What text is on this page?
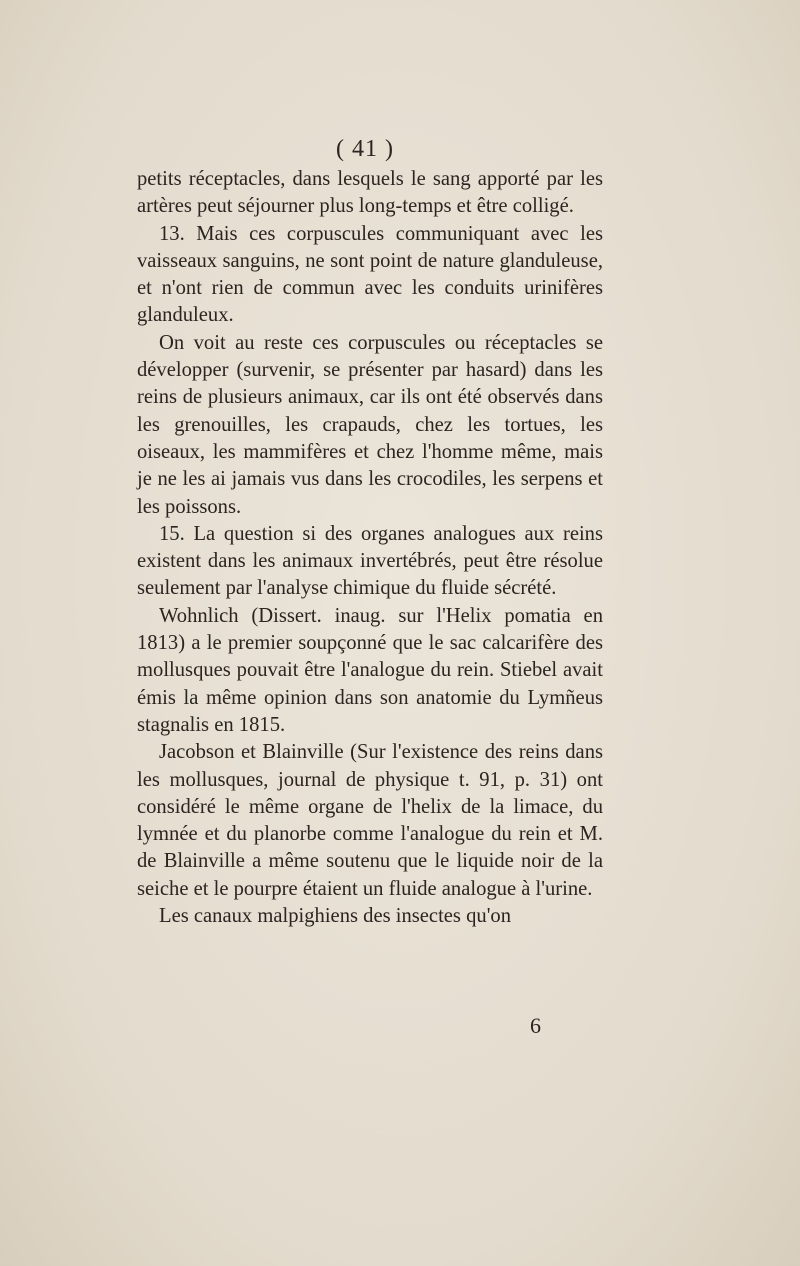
( 41 )

petits réceptacles, dans lesquels le sang apporté par les artères peut séjourner plus long-temps et être colligé.

13. Mais ces corpuscules communiquant avec les vaisseaux sanguins, ne sont point de nature glanduleuse, et n'ont rien de commun avec les conduits urinifères glanduleux.

On voit au reste ces corpuscules ou réceptacles se développer (survenir, se présenter par hasard) dans les reins de plusieurs animaux, car ils ont été observés dans les grenouilles, les crapauds, chez les tortues, les oiseaux, les mammifères et chez l'homme même, mais je ne les ai jamais vus dans les crocodiles, les serpens et les poissons.

15. La question si des organes analogues aux reins existent dans les animaux invertébrés, peut être résolue seulement par l'analyse chimique du fluide sécrété.

Wohnlich (Dissert. inaug. sur l'Helix pomatia en 1813) a le premier soupçonné que le sac calcarifère des mollusques pouvait être l'analogue du rein. Stiebel avait émis la même opinion dans son anatomie du Lymñeus stagnalis en 1815.

Jacobson et Blainville (Sur l'existence des reins dans les mollusques, journal de physique t. 91, p. 31) ont considéré le même organe de l'helix de la limace, du lymnée et du planorbe comme l'analogue du rein et M. de Blainville a même soutenu que le liquide noir de la seiche et le pourpre étaient un fluide analogue à l'urine.

Les canaux malpighiens des insectes qu'on

6
